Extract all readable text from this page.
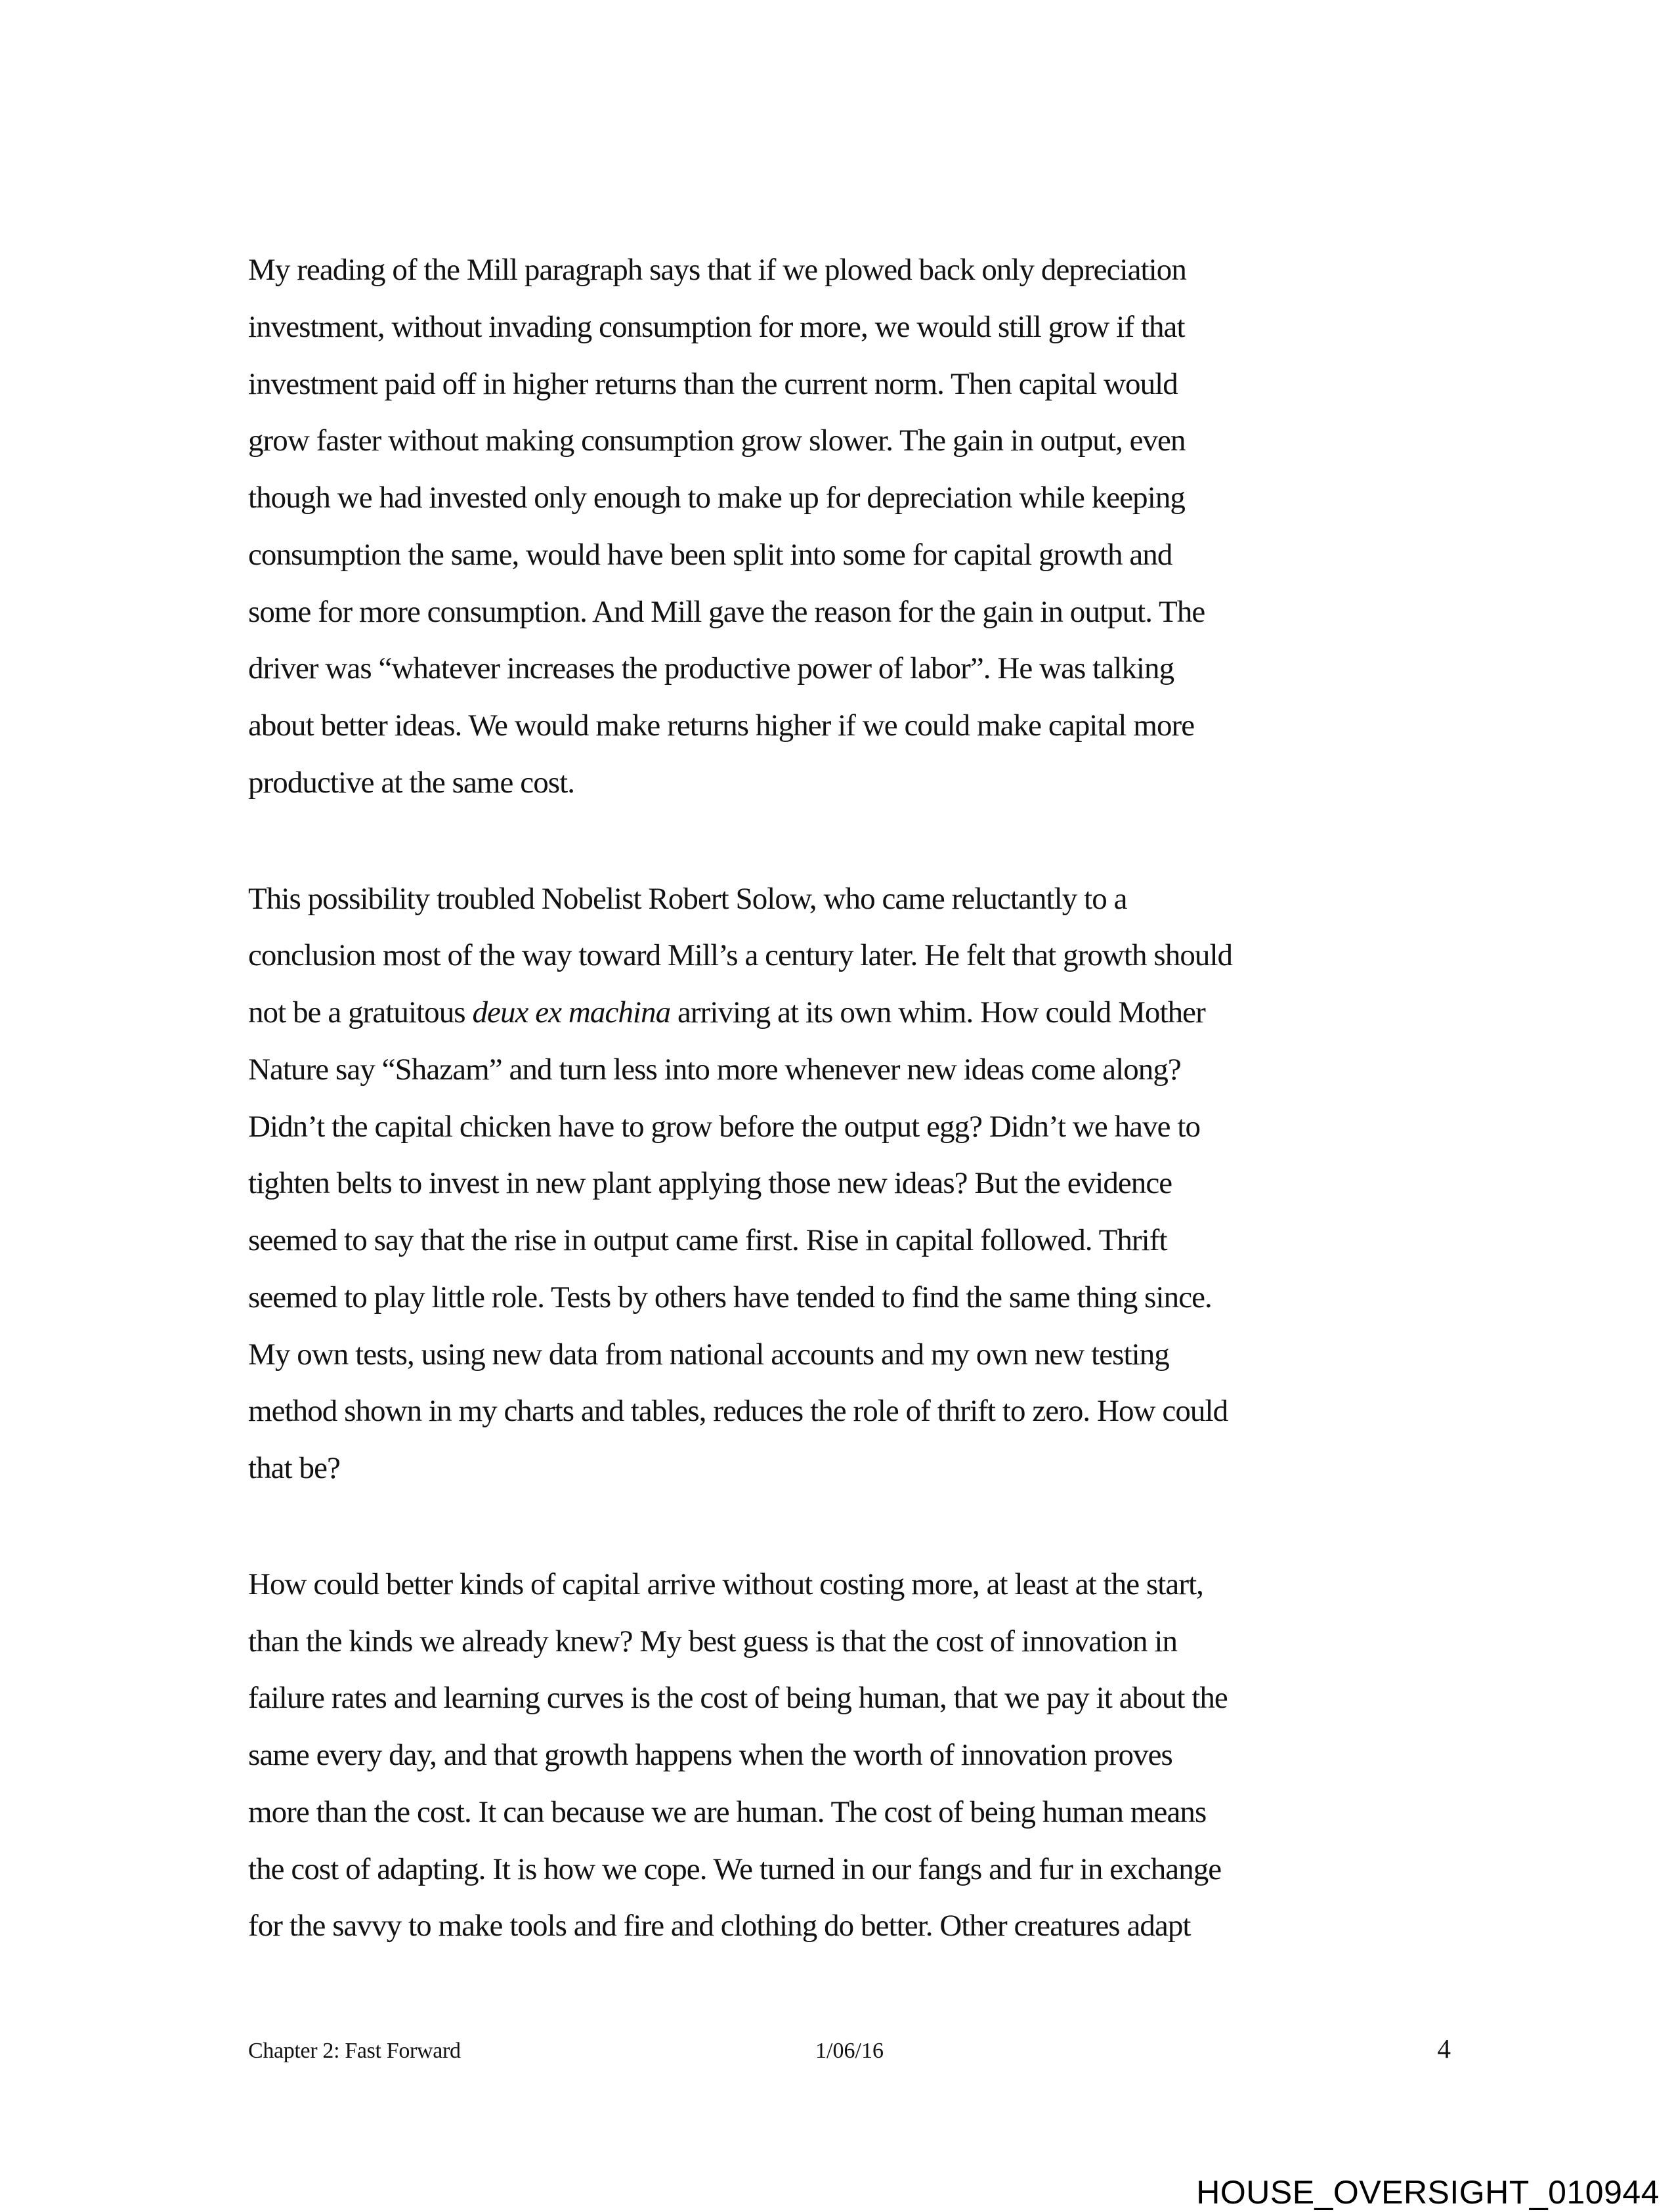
My reading of the Mill paragraph says that if we plowed back only depreciation
investment, without invading consumption for more, we would still grow if that
investment paid off in higher returns than the current norm. Then capital would
grow faster without making consumption grow slower. The gain in output, even
though we had invested only enough to make up for depreciation while keeping
consumption the same, would have been split into some for capital growth and
some for more consumption. And Mill gave the reason for the gain in output. The
driver was “whatever increases the productive power of labor”. He was talking
about better ideas. We would make returns higher if we could make capital more
productive at the same cost.
This possibility troubled Nobelist Robert Solow, who came reluctantly to a
conclusion most of the way toward Mill’s a century later. He felt that growth should
not be a gratuitous deux ex machina arriving at its own whim. How could Mother
Nature say “Shazam” and turn less into more whenever new ideas come along?
Didn’t the capital chicken have to grow before the output egg? Didn’t we have to
tighten belts to invest in new plant applying those new ideas? But the evidence
seemed to say that the rise in output came first. Rise in capital followed. Thrift
seemed to play little role. Tests by others have tended to find the same thing since.
My own tests, using new data from national accounts and my own new testing
method shown in my charts and tables, reduces the role of thrift to zero. How could
that be?
How could better kinds of capital arrive without costing more, at least at the start,
than the kinds we already knew? My best guess is that the cost of innovation in
failure rates and learning curves is the cost of being human, that we pay it about the
same every day, and that growth happens when the worth of innovation proves
more than the cost. It can because we are human. The cost of being human means
the cost of adapting. It is how we cope. We turned in our fangs and fur in exchange
for the savvy to make tools and fire and clothing do better. Other creatures adapt
Chapter 2: Fast Forward	1/06/16	4
HOUSE_OVERSIGHT_010944
